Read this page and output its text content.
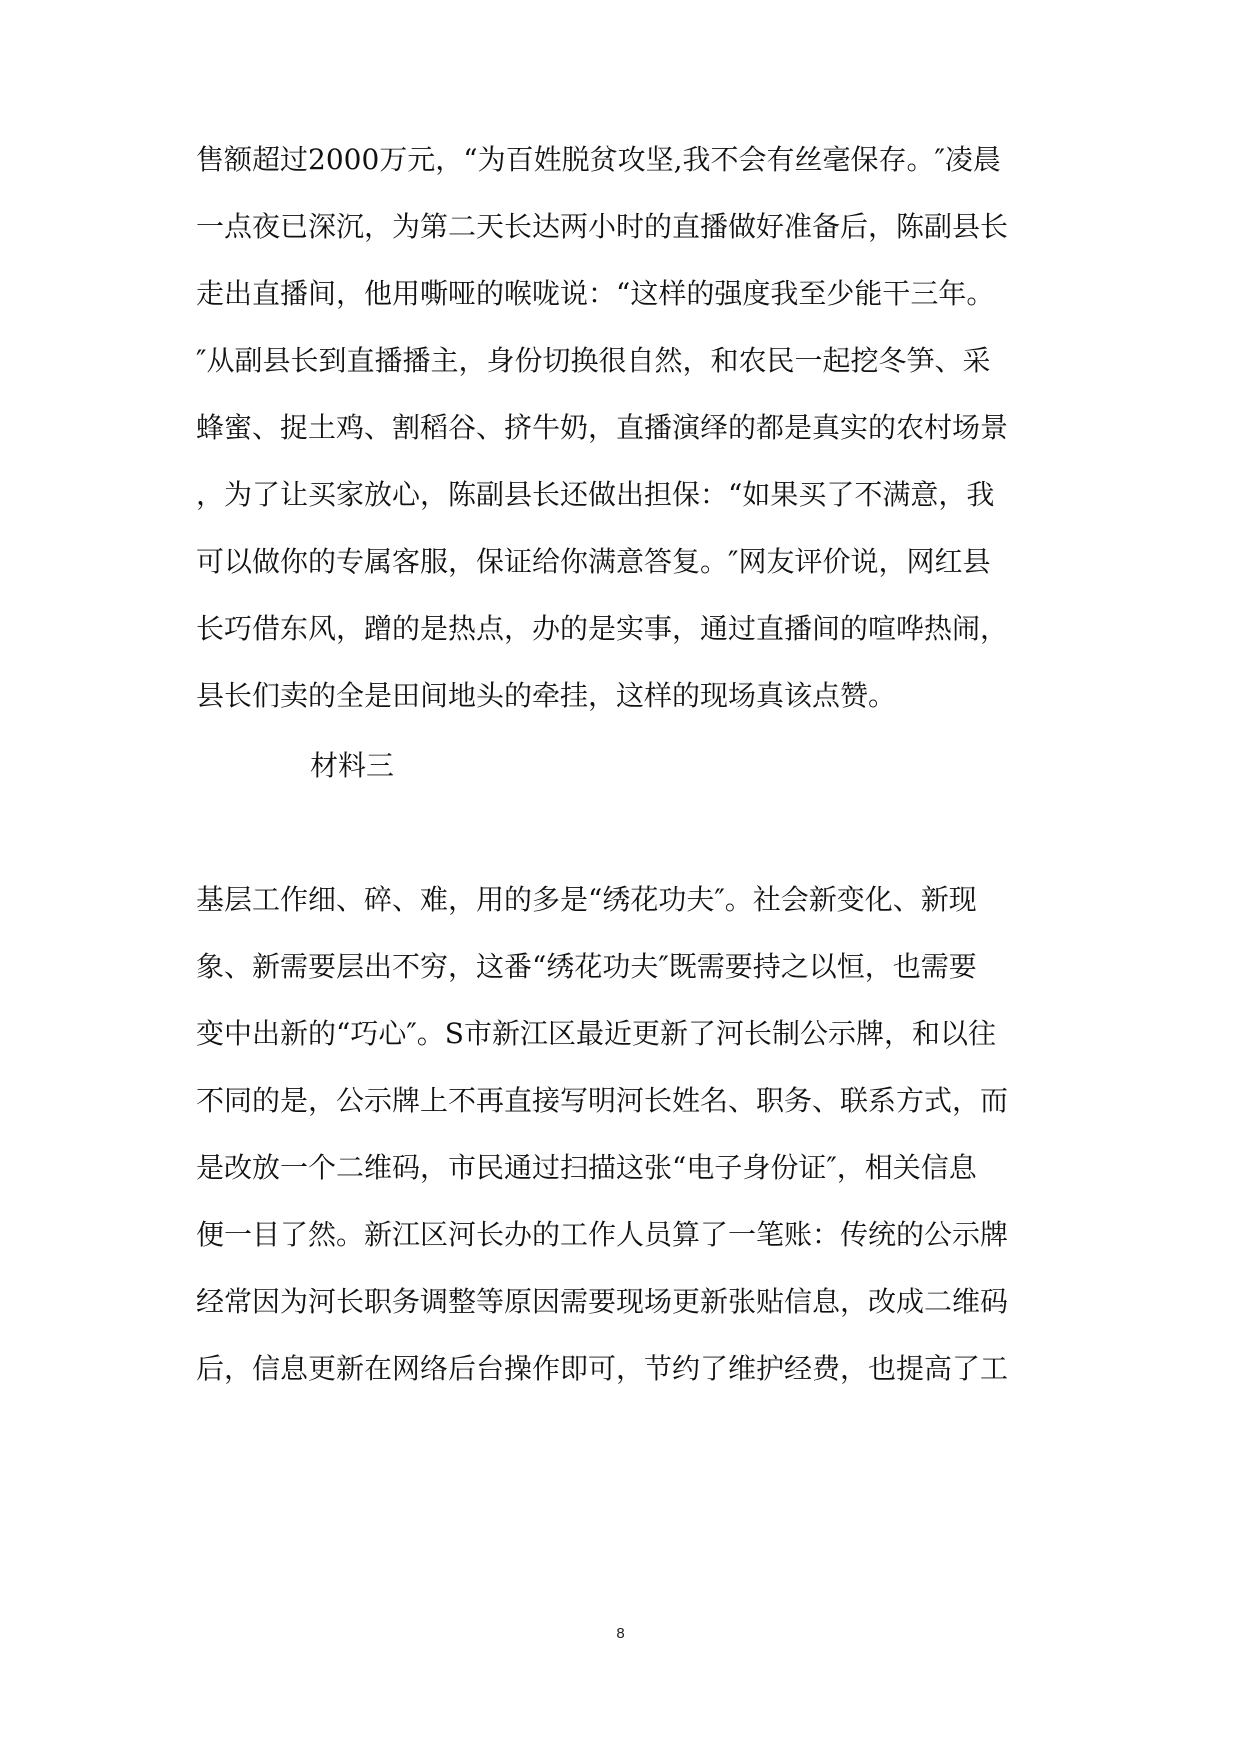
售额超过2000万元，“为百姓脱贫攻坚,我不会有丝毫保存。″凌晨
一点夜已深沉，为第二天长达两小时的直播做好准备后，陈副县长
走出直播间，他用嘶哑的喉咙说：“这样的强度我至少能干三年。
″从副县长到直播播主，身份切换很自然，和农民一起挖冬笋、采
蜂蜜、捉土鸡、割稻谷、挤牛奶，直播演绎的都是真实的农村场景
，为了让买家放心，陈副县长还做出担保：“如果买了不满意，我
可以做你的专属客服，保证给你满意答复。″网友评价说，网红县
长巧借东风，蹭的是热点，办的是实事，通过直播间的喧哗热闹，
县长们卖的全是田间地头的牵挂，这样的现场真该点赞。
材料三
基层工作细、碎、难，用的多是“绣花功夫″。社会新变化、新现
象、新需要层出不穷，这番“绣花功夫″既需要持之以恒，也需要
变中出新的“巧心″。S市新江区最近更新了河长制公示牌，和以往
不同的是，公示牌上不再直接写明河长姓名、职务、联系方式，而
是改放一个二维码，市民通过扫描这张“电子身份证″，相关信息
便一目了然。新江区河长办的工作人员算了一笔账：传统的公示牌
经常因为河长职务调整等原因需要现场更新张贴信息，改成二维码
后，信息更新在网络后台操作即可，节约了维护经费，也提高了工
8
